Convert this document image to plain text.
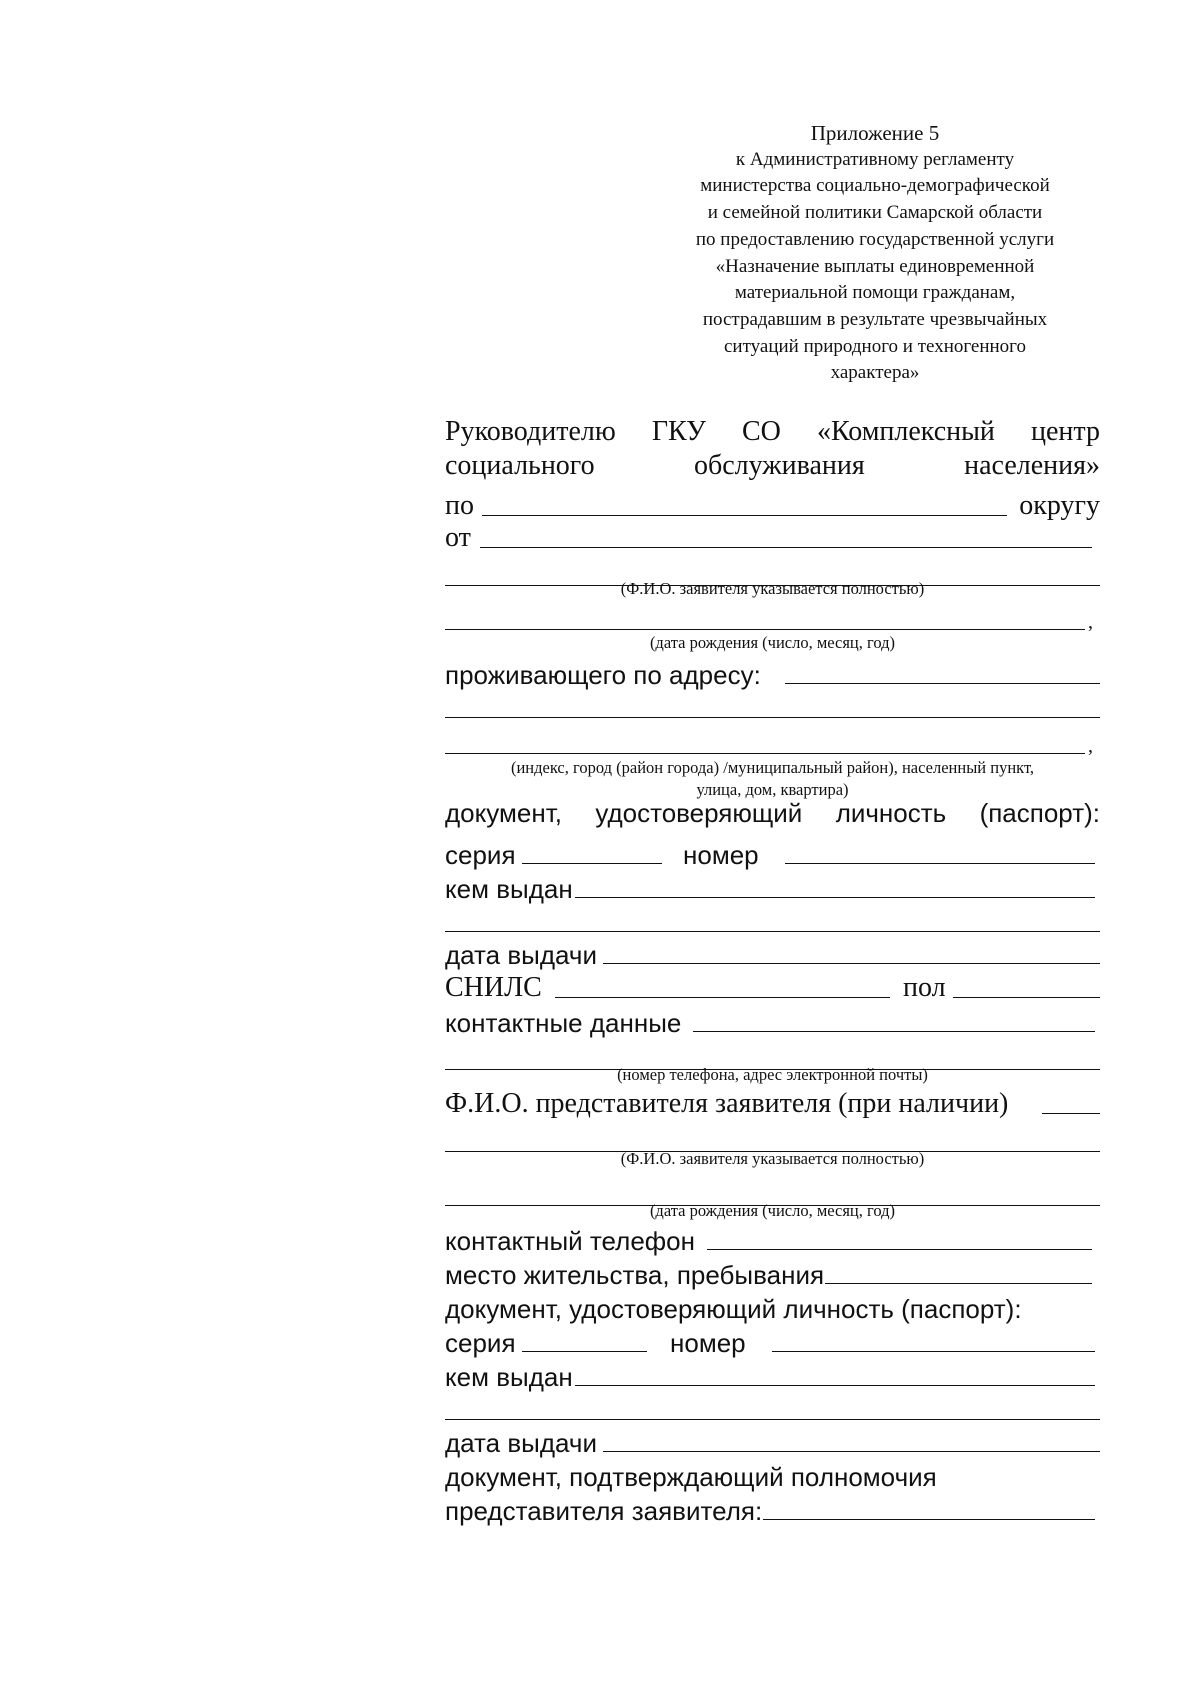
Приложение 5
к Административному регламенту
министерства социально-демографической
и семейной политики Самарской области
по предоставлению государственной услуги
«Назначение выплаты единовременной
материальной помощи гражданам,
пострадавшим в результате чрезвычайных
ситуаций природного и техногенного
характера»
Руководителю ГКУ СО «Комплексный центр
социального	обслуживания	населения»
по	округу
от
(Ф.И.О. заявителя указывается полностью)
,
(дата рождения (число, месяц, год)
проживающего по адресу:
,
(индекс, город (район города) /муниципальный район), населенный пункт,
улица, дом, квартира)
документ, удостоверяющий личность (паспорт):
серия	номер
кем выдан
дата выдачи
СНИЛС	пол
контактные данные
(номер телефона, адрес электронной почты)
Ф.И.О. представителя заявителя (при наличии)
(Ф.И.О. заявителя указывается полностью)
(дата рождения (число, месяц, год)
контактный телефон
место жительства, пребывания
документ, удостоверяющий личность (паспорт):
серия	номер
кем выдан
дата выдачи
документ, подтверждающий полномочия
представителя заявителя:
